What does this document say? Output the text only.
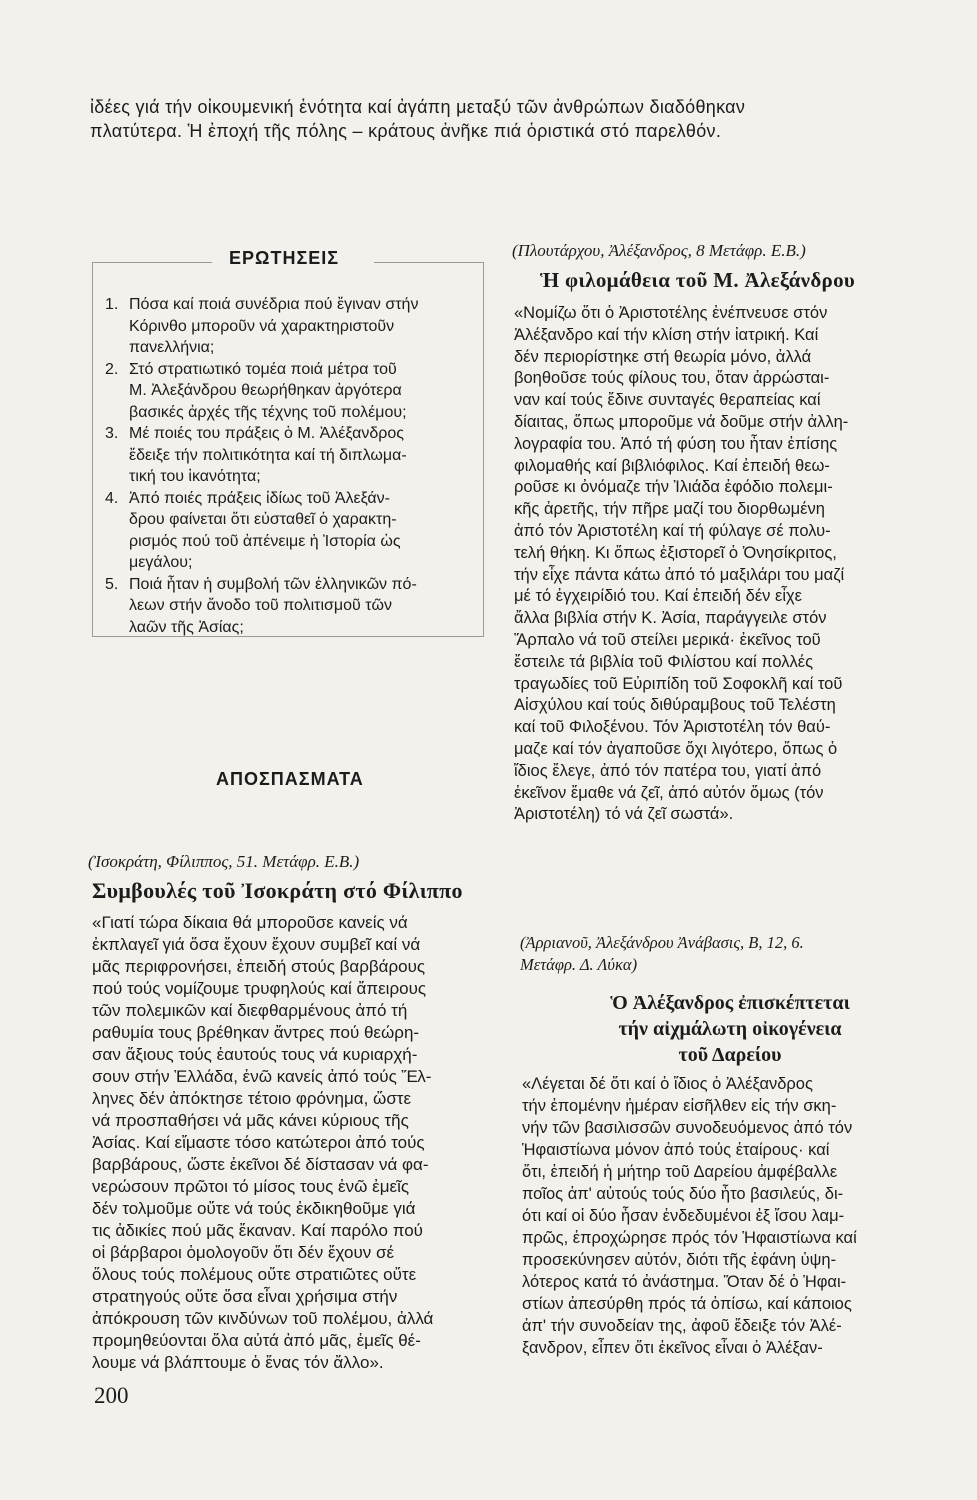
ἰδέες γιά τήν οἰκουμενική ἑνότητα καί ἀγάπη μεταξύ τῶν ἀνθρώπων διαδόθηκαν

πλατύτερα. Ἡ ἐποχή τῆς πόλης – κράτους ἀνῆκε πιά ὁριστικά στό παρελθόν.

ΕΡΩΤΗΣΕΙΣ
1. Πόσα καί ποιά συνέδρια πού ἔγιναν στήν
Κόρινθο μποροῦν νά χαρακτηριστοῦν
πανελλήνια;
2. Στό στρατιωτικό τομέα ποιά μέτρα τοῦ
Μ. Ἀλεξάνδρου θεωρήθηκαν ἀργότερα
βασικές ἀρχές τῆς τέχνης τοῦ πολέμου;
3. Μέ ποιές του πράξεις ὁ Μ. Ἀλέξανδρος
ἔδειξε τήν πολιτικότητα καί τή διπλωμα-
τική του ἱκανότητα;
4. Ἀπό ποιές πράξεις ἰδίως τοῦ Ἀλεξάν-
δρου φαίνεται ὅτι εὐσταθεῖ ὁ χαρακτη-
ρισμός πού τοῦ ἀπένειμε ἡ Ἱστορία ὡς
μεγάλου;
5. Ποιά ἦταν ἡ συμβολή τῶν ἑλληνικῶν πό-
λεων στήν ἄνοδο τοῦ πολιτισμοῦ τῶν
λαῶν τῆς Ἀσίας;
ΑΠΟΣΠΑΣΜΑΤΑ
(Ἰσοκράτη, Φίλιππος, 51. Μετάφρ. Ε.Β.)
Συμβουλές τοῦ Ἰσοκράτη στό Φίλιππο

«Γιατί τώρα δίκαια θά μποροῦσε κανείς νά

ἐκπλαγεῖ γιά ὅσα ἔχουν ἔχουν συμβεῖ καί νά

μᾶς περιφρονήσει, ἐπειδή στούς βαρβάρους

πού τούς νομίζουμε τρυφηλούς καί ἄπειρους

τῶν πολεμικῶν καί διεφθαρμένους ἀπό τή

ραθυμία τους βρέθηκαν ἄντρες πού θεώρη-

σαν ἄξιους τούς ἑαυτούς τους νά κυριαρχή-

σουν στήν Ἑλλάδα, ἐνῶ κανείς ἀπό τούς Ἕλ-

ληνες δέν ἀπόκτησε τέτοιο φρόνημα, ὥστε

νά προσπαθήσει νά μᾶς κάνει κύριους τῆς

Ἀσίας. Καί εἴμαστε τόσο κατώτεροι ἀπό τούς

βαρβάρους, ὥστε ἐκεῖνοι δέ δίστασαν νά φα-

νερώσουν πρῶτοι τό μίσος τους ἐνῶ ἐμεῖς

δέν τολμοῦμε οὔτε νά τούς ἐκδικηθοῦμε γιά

τις ἀδικίες πού μᾶς ἔκαναν. Καί παρόλο πού

οἱ βάρβαροι ὁμολογοῦν ὅτι δέν ἔχουν σέ

ὅλους τούς πολέμους οὔτε στρατιῶτες οὔτε

στρατηγούς οὔτε ὅσα εἶναι χρήσιμα στήν

ἀπόκρουση τῶν κινδύνων τοῦ πολέμου, ἀλλά

προμηθεύονται ὅλα αὐτά ἀπό μᾶς, ἐμεῖς θέ-

λουμε νά βλάπτουμε ὁ ἕνας τόν ἄλλο».

200
(Πλουτάρχου, Ἀλέξανδρος, 8 Μετάφρ. Ε.Β.)
Ἡ φιλομάθεια τοῦ Μ. Ἀλεξάνδρου

«Νομίζω ὅτι ὁ Ἀριστοτέλης ἐνέπνευσε στόν

Ἀλέξανδρο καί τήν κλίση στήν ἰατρική. Καί

δέν περιορίστηκε στή θεωρία μόνο, ἀλλά

βοηθοῦσε τούς φίλους του, ὅταν ἀρρώσται-

ναν καί τούς ἔδινε συνταγές θεραπείας καί

δίαιτας, ὅπως μποροῦμε νά δοῦμε στήν ἀλλη-

λογραφία του. Ἀπό τή φύση του ἦταν ἐπίσης

φιλομαθής καί βιβλιόφιλος. Καί ἐπειδή θεω-

ροῦσε κι ὀνόμαζε τήν Ἰλιάδα ἐφόδιο πολεμι-

κῆς ἀρετῆς, τήν πῆρε μαζί του διορθωμένη

ἀπό τόν Ἀριστοτέλη καί τή φύλαγε σέ πολυ-

τελή θήκη. Κι ὅπως ἐξιστορεῖ ὁ Ὀνησίκριτος,

τήν εἶχε πάντα κάτω ἀπό τό μαξιλάρι του μαζί

μέ τό ἐγχειρίδιό του. Καί ἐπειδή δέν εἶχε

ἄλλα βιβλία στήν Κ. Ἀσία, παράγγειλε στόν

Ἅρπαλο νά τοῦ στείλει μερικά· ἐκεῖνος τοῦ

ἔστειλε τά βιβλία τοῦ Φιλίστου καί πολλές

τραγωδίες τοῦ Εὐριπίδη τοῦ Σοφοκλῆ καί τοῦ

Αἰσχύλου καί τούς διθύραμβους τοῦ Τελέστη

καί τοῦ Φιλοξένου. Τόν Ἀριστοτέλη τόν θαύ-

μαζε καί τόν ἀγαποῦσε ὄχι λιγότερο, ὅπως ὁ

ἴδιος ἔλεγε, ἀπό τόν πατέρα του, γιατί ἀπό

ἐκεῖνον ἔμαθε νά ζεῖ, ἀπό αὐτόν ὅμως (τόν

Ἀριστοτέλη) τό νά ζεῖ σωστά».

(Ἀρριανοῦ, Ἀλεξάνδρου Ἀνάβασις, Β, 12, 6.

Μετάφρ. Δ. Λύκα)

Ὁ Ἀλέξανδρος ἐπισκέπτεται

τήν αἰχμάλωτη οἰκογένεια

τοῦ Δαρείου

«Λέγεται δέ ὅτι καί ὁ ἴδιος ὁ Ἀλέξανδρος

τήν ἐπομένην ἡμέραν εἰσῆλθεν εἰς τήν σκη-

νήν τῶν βασιλισσῶν συνοδευόμενος ἀπό τόν

Ἡφαιστίωνα μόνον ἀπό τούς ἑταίρους· καί

ὅτι, ἐπειδή ἡ μήτηρ τοῦ Δαρείου ἀμφέβαλλε

ποῖος ἀπ' αὐτούς τούς δύο ἦτο βασιλεύς, δι-

ότι καί οἱ δύο ἦσαν ἐνδεδυμένοι ἐξ ἴσου λαμ-

πρῶς, ἐπροχώρησε πρός τόν Ἡφαιστίωνα καί

προσεκύνησεν αὐτόν, διότι τῆς ἐφάνη ὑψη-

λότερος κατά τό ἀνάστημα. Ὅταν δέ ὁ Ἡφαι-

στίων ἀπεσύρθη πρός τά ὀπίσω, καί κάποιος

ἀπ' τήν συνοδείαν της, ἀφοῦ ἔδειξε τόν Ἀλέ-

ξανδρον, εἶπεν ὅτι ἐκεῖνος εἶναι ὁ Ἀλέξαν-
